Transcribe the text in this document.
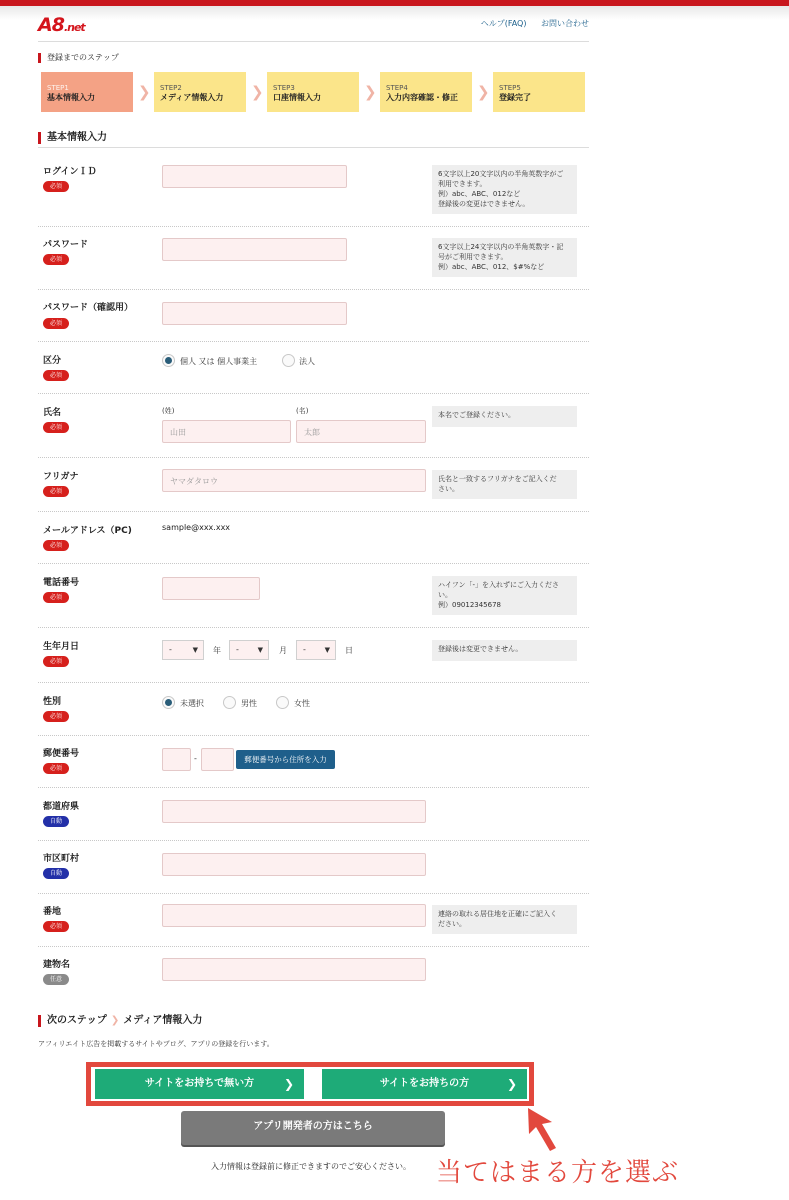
A8.net	ヘルプ(FAQ) お問い合わせ
登録までのステップ
STEP1
基本情報入力	❯ STEP2
メディア情報入力	❯ STEP3
口座情報入力	❯ STEP4
入力内容確認・修正	❯ STEP5
登録完了
基本情報入力
ログインＩＤ
必須
6文字以上20文字以内の半角英数字がご
利用できます。
例）abc、ABC、012など
登録後の変更はできません。
パスワード
必須
6文字以上24文字以内の半角英数字・記
号がご利用できます。
例）abc、ABC、012、$#%など
パスワード（確認用）
必須
区分
必須
個人 又は 個人事業主	法人
氏名
必須
(姓)	(名)
山田	太郎
本名でご登録ください。
フリガナ
必須
ヤマダタロウ	氏名と一致するフリガナをご記入くだ
さい。
メールアドレス（PC)
必須
sample@xxx.xxx
電話番号
必須
ハイフン「-」を入れずにご入力くださ
い。
例）09012345678
生年月日
必須
-	▼ 年	-	▼ 月	-	▼ 日	登録後は変更できません。
性別
必須
未選択	男性	女性
郵便番号
必須
-	郵便番号から住所を入力
都道府県
自動
市区町村
自動
番地
必須
連絡の取れる居住地を正確にご記入く
ださい。
建物名
任意
次のステップ ❯ メディア情報入力
アフィリエイト広告を掲載するサイトやブログ、アプリの登録を行います。
サイトをお持ちで無い方 ❯	サイトをお持ちの方	❯
アプリ開発者の方はこちら
入力情報は登録前に修正できますのでご安心ください。 当てはまる方を選ぶ
